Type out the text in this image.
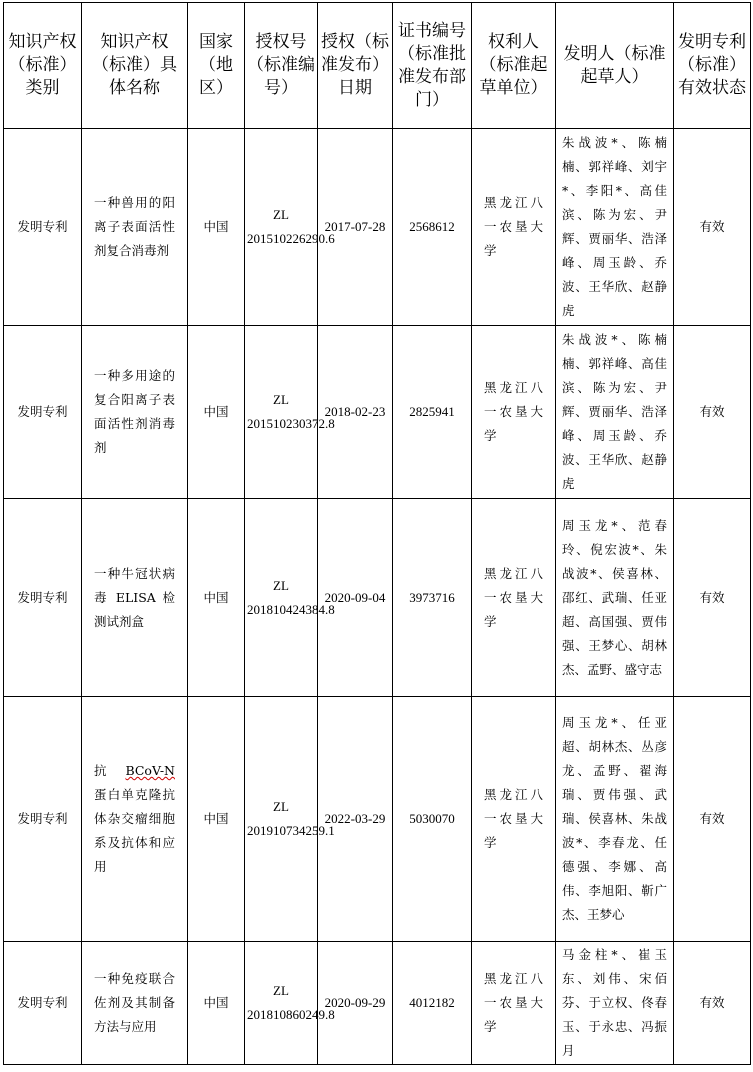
知识产权（标准）类别	知识产权（标准）具体名称	国家（地区）	授权号（标准编号）	授权（标准发布）日期	证书编号（标准批准发布部门）	权利人（标准起草单位）	发明人（标准起草人）	发明专利（标准）有效状态
发明专利	一种兽用的阳离子表面活性剂复合消毒剂	中国	ZL 201510226290.6	2017-07-28	2568612	黑龙江八一农垦大学	朱战波*、陈楠楠、郭祥峰、刘宇*、李阳*、高佳滨、陈为宏、尹辉、贾丽华、浩泽峰、周玉龄、乔波、王华欣、赵静虎	有效
发明专利	一种多用途的复合阳离子表面活性剂消毒剂	中国	ZL 201510230372.8	2018-02-23	2825941	黑龙江八一农垦大学	朱战波*、陈楠楠、郭祥峰、高佳滨、陈为宏、尹辉、贾丽华、浩泽峰、周玉龄、乔波、王华欣、赵静虎	有效
发明专利	一种牛冠状病毒 ELISA 检测试剂盒	中国	ZL 201810424384.8	2020-09-04	3973716	黑龙江八一农垦大学	周玉龙*、范春玲、倪宏波*、朱战波*、侯喜林、邵红、武瑞、任亚超、高国强、贾伟强、王梦心、胡林杰、孟野、盛守志	有效
发明专利	抗 BCoV-N 蛋白单克隆抗体杂交瘤细胞系及抗体和应用	中国	ZL 201910734259.1	2022-03-29	5030070	黑龙江八一农垦大学	周玉龙*、任亚超、胡林杰、丛彦龙、孟野、翟海瑞、贾伟强、武瑞、侯喜林、朱战波*、李春龙、任德强、李娜、高伟、李旭阳、靳广杰、王梦心	有效
发明专利	一种免疫联合佐剂及其制备方法与应用	中国	ZL 201810860249.8	2020-09-29	4012182	黑龙江八一农垦大学	马金柱*、崔玉东、刘伟、宋佰芬、于立权、佟春玉、于永忠、冯振月	有效
